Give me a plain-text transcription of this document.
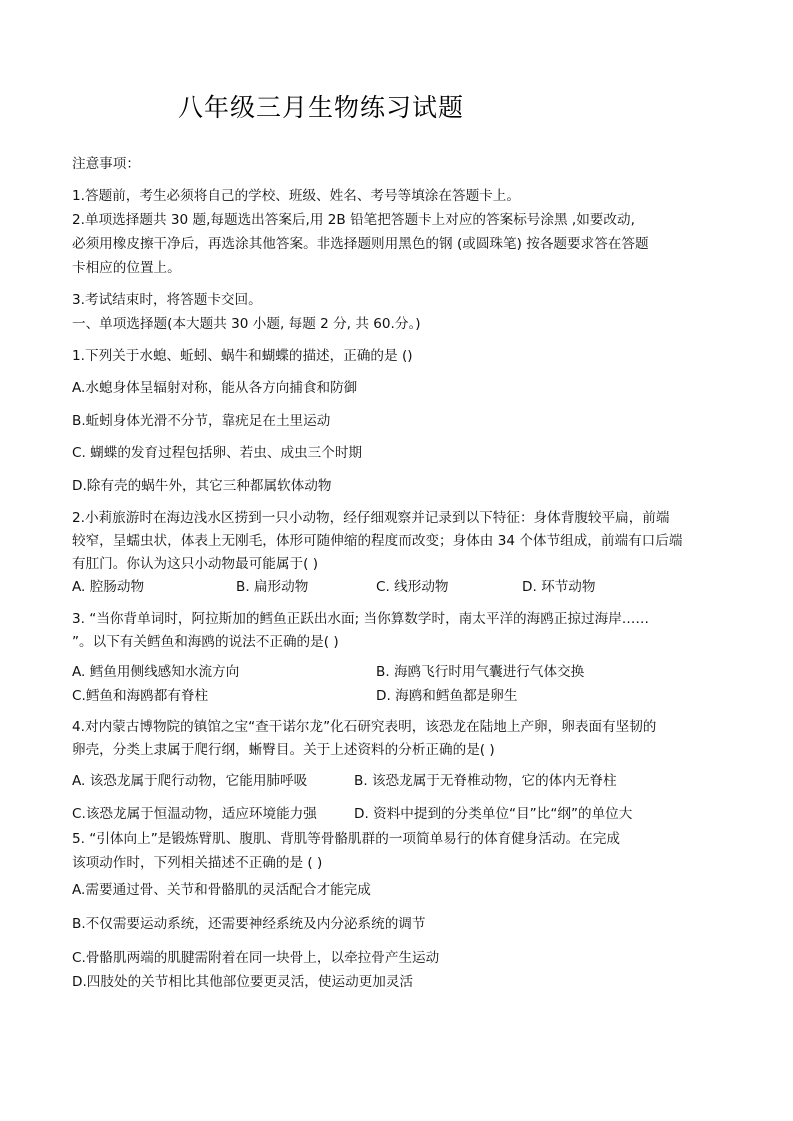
八年级三月生物练习试题
注意事项：
1.答题前，考生必须将自己的学校、班级、姓名、考号等填涂在答题卡上。
2.单项选择题共 30 题,每题选出答案后,用 2B 铅笔把答题卡上对应的答案标号涂黑 ,如要改动,
必须用橡皮擦干净后，再选涂其他答案。非选择题则用黑色的钢 (或圆珠笔) 按各题要求答在答题
卡相应的位置上。
3.考试结束时，将答题卡交回。
一、单项选择题(本大题共 30 小题, 每题 2 分, 共 60.分。)
1.下列关于水螅、蚯蚓、蜗牛和蝴蝶的描述，正确的是 ()
A.水螅身体呈辐射对称，能从各方向捕食和防御
B.蚯蚓身体光滑不分节，靠疣足在土里运动
C. 蝴蝶的发育过程包括卵、若虫、成虫三个时期
D.除有壳的蜗牛外，其它三种都属软体动物
2.小莉旅游时在海边浅水区捞到一只小动物，经仔细观察并记录到以下特征：身体背腹较平扁，前端
较窄，呈蠕虫状，体表上无刚毛，体形可随伸缩的程度而改变；身体由 34 个体节组成，前端有口后端
有肛门。你认为这只小动物最可能属于( )
A. 腔肠动物	B. 扁形动物	C. 线形动物	D. 环节动物
3. “当你背单词时，阿拉斯加的鳕鱼正跃出水面; 当你算数学时，南太平洋的海鸥正掠过海岸……
”。以下有关鳕鱼和海鸥的说法不正确的是( )
A. 鳕鱼用侧线感知水流方向	B. 海鸥飞行时用气囊进行气体交换
C.鳕鱼和海鸥都有脊柱	D. 海鸥和鳕鱼都是卵生
4.对内蒙古博物院的镇馆之宝“查干诺尔龙”化石研究表明，该恐龙在陆地上产卵，卵表面有坚韧的
卵壳，分类上隶属于爬行纲，蜥臀目。关于上述资料的分析正确的是( )
A. 该恐龙属于爬行动物，它能用肺呼吸	B. 该恐龙属于无脊椎动物，它的体内无脊柱
C.该恐龙属于恒温动物，适应环境能力强	D. 资料中提到的分类单位“目”比“纲”的单位大
5. “引体向上”是锻炼臂肌、腹肌、背肌等骨骼肌群的一项简单易行的体育健身活动。在完成
该项动作时，下列相关描述不正确的是 ( )
A.需要通过骨、关节和骨骼肌的灵活配合才能完成
B.不仅需要运动系统，还需要神经系统及内分泌系统的调节
C.骨骼肌两端的肌腱需附着在同一块骨上，以牵拉骨产生运动
D.四肢处的关节相比其他部位要更灵活，使运动更加灵活
